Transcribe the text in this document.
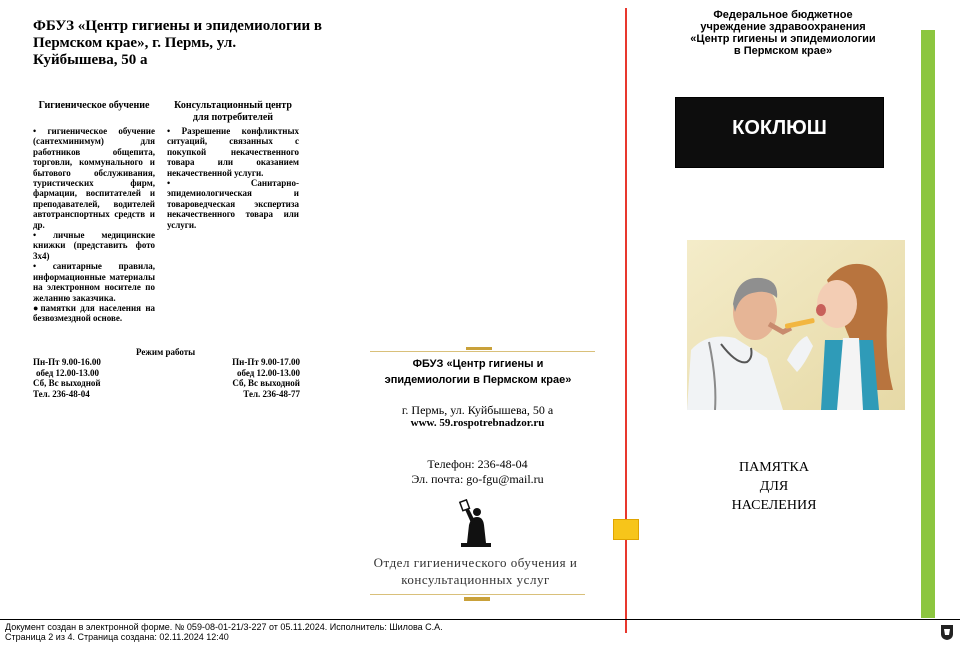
ФБУЗ «Центр гигиены и эпидемиологии в Пермском крае», г. Пермь, ул. Куйбышева, 50 а
Гигиеническое обучение

• гигиеническое обучение (сантехминимум) для работников общепита, торговли, коммунального и бытового обслуживания, туристических фирм, фармации, воспитателей и преподавателей, водителей автотранспортных средств и др.

• личные медицинские книжки (представить фото 3х4)

• санитарные правила, информационные материалы на электронном носителе по желанию заказчика.

●памятки для населения на безвозмездной основе.

Консультационный центр для потребителей

• Разрешение конфликтных ситуаций, связанных с покупкой некачественного товара или оказанием некачественной услуги.

• Санитарно-эпидемиологическая и товароведческая экспертиза некачественного товара или услуги.

Режим работы
Пн-Пт 9.00-16.00
обед 12.00-13.00
Сб, Вс выходной
Тел. 236-48-04
Пн-Пт 9.00-17.00
обед 12.00-13.00
Сб, Вс выходной
Тел. 236-48-77
ФБУЗ «Центр гигиены и эпидемиологии в Пермском крае»
г. Пермь, ул. Куйбышева, 50 а
www. 59.rospotrebnadzor.ru
Телефон: 236-48-04
Эл. почта: go-fgu@mail.ru
Отдел гигиенического обучения и консультационных услуг
Федеральное бюджетное учреждение здравоохранения «Центр гигиены и эпидемиологии в Пермском крае»
КОКЛЮШ
ПАМЯТКА
ДЛЯ
НАСЕЛЕНИЯ
Документ создан в электронной форме. № 059-08-01-21/3-227 от 05.11.2024. Исполнитель: Шилова С.А.
Страница 2 из 4. Страница создана: 02.11.2024 12:40
